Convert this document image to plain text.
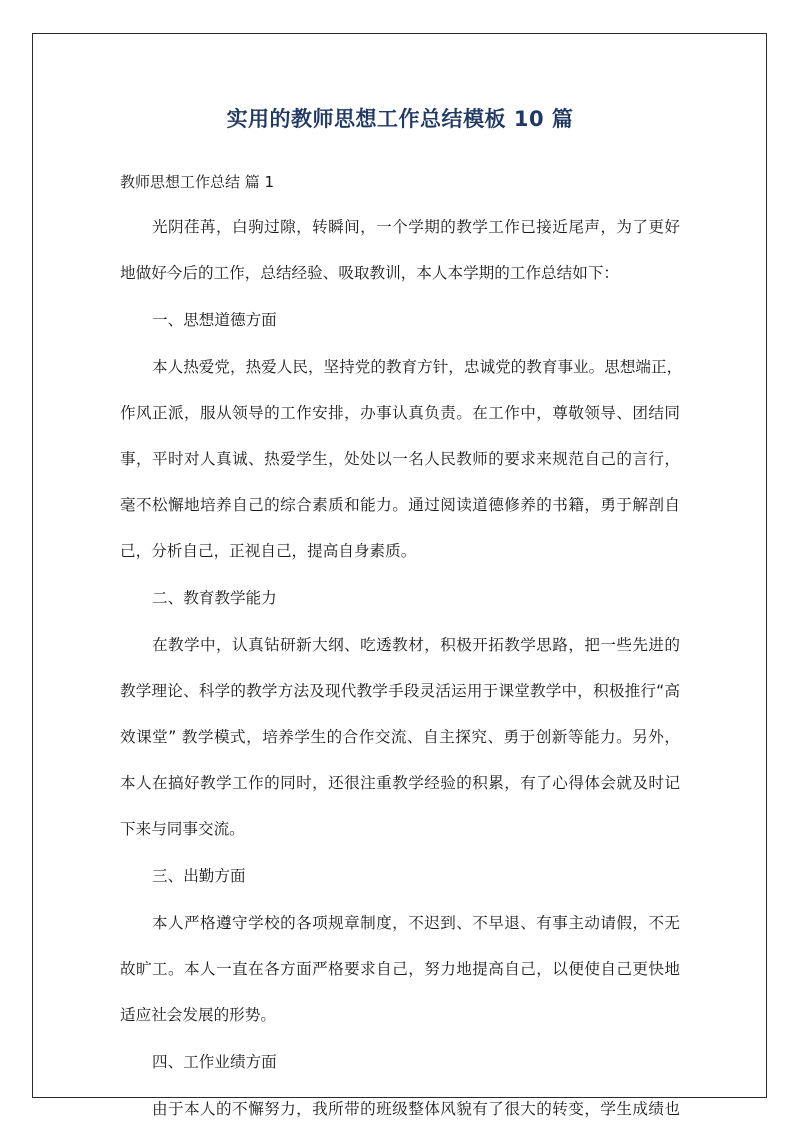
实用的教师思想工作总结模板 10 篇

教师思想工作总结 篇 1

光阴荏苒，白驹过隙，转瞬间，一个学期的教学工作已接近尾声，为了更好

地做好今后的工作，总结经验、吸取教训，本人本学期的工作总结如下：

一、思想道德方面

本人热爱党，热爱人民，坚持党的教育方针，忠诚党的教育事业。思想端正，

作风正派，服从领导的工作安排，办事认真负责。在工作中，尊敬领导、团结同

事，平时对人真诚、热爱学生，处处以一名人民教师的要求来规范自己的言行，

毫不松懈地培养自己的综合素质和能力。通过阅读道德修养的书籍，勇于解剖自

己，分析自己，正视自己，提高自身素质。

二、教育教学能力

在教学中，认真钻研新大纲、吃透教材，积极开拓教学思路，把一些先进的

教学理论、科学的教学方法及现代教学手段灵活运用于课堂教学中，积极推行“高

效课堂” 教学模式，培养学生的合作交流、自主探究、勇于创新等能力。另外，

本人在搞好教学工作的同时，还很注重教学经验的积累，有了心得体会就及时记

下来与同事交流。

三、出勤方面

本人严格遵守学校的各项规章制度，不迟到、不早退、有事主动请假，不无

故旷工。本人一直在各方面严格要求自己，努力地提高自己，以便使自己更快地

适应社会发展的形势。

四、工作业绩方面

由于本人的不懈努力，我所带的班级整体风貌有了很大的转变，学生成绩也
